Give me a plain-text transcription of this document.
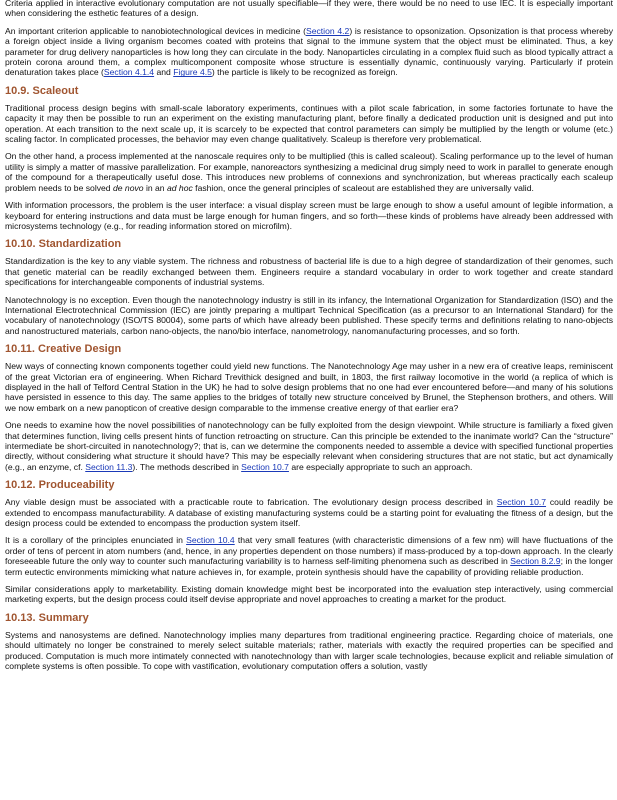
Criteria applied in interactive evolutionary computation are not usually specifiable—if they were, there would be no need to use IEC. It is especially important when considering the esthetic features of a design.

An important criterion applicable to nanobiotechnological devices in medicine (Section 4.2) is resistance to opsonization. Opsonization is that process whereby a foreign object inside a living organism becomes coated with proteins that signal to the immune system that the object must be eliminated. Thus, a key parameter for drug delivery nanoparticles is how long they can circulate in the body. Nanoparticles circulating in a complex fluid such as blood typically attract a protein corona around them, a complex multicomponent composite whose structure is essentially dynamic, continuously varying. Particularly if protein denaturation takes place (Section 4.1.4 and Figure 4.5) the particle is likely to be recognized as foreign.

10.9. Scaleout

Traditional process design begins with small-scale laboratory experiments, continues with a pilot scale fabrication, in some factories fortunate to have the capacity it may then be possible to run an experiment on the existing manufacturing plant, before finally a dedicated production unit is designed and put into operation. At each transition to the next scale up, it is scarcely to be expected that control parameters can simply be multiplied by the length or volume (etc.) scaling factor. In complicated processes, the behavior may even change qualitatively. Scaleup is therefore very problematical.

On the other hand, a process implemented at the nanoscale requires only to be multiplied (this is called scaleout). Scaling performance up to the level of human utility is simply a matter of massive parallelization. For example, nanoreactors synthesizing a medicinal drug simply need to work in parallel to generate enough of the compound for a therapeutically useful dose. This introduces new problems of connexions and synchronization, but whereas practically each scaleup problem needs to be solved de novo in an ad hoc fashion, once the general principles of scaleout are established they are universally valid.

With information processors, the problem is the user interface: a visual display screen must be large enough to show a useful amount of legible information, a keyboard for entering instructions and data must be large enough for human fingers, and so forth—these kinds of problems have already been addressed with microsystems technology (e.g., for reading information stored on microfilm).

10.10. Standardization

Standardization is the key to any viable system. The richness and robustness of bacterial life is due to a high degree of standardization of their genomes, such that genetic material can be readily exchanged between them. Engineers require a standard vocabulary in order to work together and create standard specifications for interchangeable components of industrial systems.

Nanotechnology is no exception. Even though the nanotechnology industry is still in its infancy, the International Organization for Standardization (ISO) and the International Electrotechnical Commission (IEC) are jointly preparing a multipart Technical Specification (as a precursor to an International Standard) for the vocabulary of nanotechnology (ISO/TS 80004), some parts of which have already been published. These specify terms and definitions relating to nano-objects and nanostructured materials, carbon nano-objects, the nano/bio interface, nanometrology, nanomanufacturing processes, and so forth.

10.11. Creative Design

New ways of connecting known components together could yield new functions. The Nanotechnology Age may usher in a new era of creative leaps, reminiscent of the great Victorian era of engineering. When Richard Trevithick designed and built, in 1803, the first railway locomotive in the world (a replica of which is displayed in the hall of Telford Central Station in the UK) he had to solve design problems that no one had ever encountered before—and many of his solutions have persisted in essence to this day. The same applies to the bridges of totally new structure conceived by Brunel, the Stephenson brothers, and others. Will we now embark on a new panopticon of creative design comparable to the immense creative energy of that earlier era?

One needs to examine how the novel possibilities of nanotechnology can be fully exploited from the design viewpoint. While structure is familiarly a fixed given that determines function, living cells present hints of function retroacting on structure. Can this principle be extended to the inanimate world? Can the “structure” intermediate be short-circuited in nanotechnology?; that is, can we determine the components needed to assemble a device with specified functional properties directly, without considering what structure it should have? This may be especially relevant when considering structures that are not static, but act dynamically (e.g., an enzyme, cf. Section 11.3). The methods described in Section 10.7 are especially appropriate to such an approach.

10.12. Produceability

Any viable design must be associated with a practicable route to fabrication. The evolutionary design process described in Section 10.7 could readily be extended to encompass manufacturability. A database of existing manufacturing systems could be a starting point for evaluating the fitness of a design, but the design process could be extended to encompass the production system itself.

It is a corollary of the principles enunciated in Section 10.4 that very small features (with characteristic dimensions of a few nm) will have fluctuations of the order of tens of percent in atom numbers (and, hence, in any properties dependent on those numbers) if mass-produced by a top-down approach. In the clearly foreseeable future the only way to counter such manufacturing variability is to harness self-limiting phenomena such as described in Section 8.2.9; in the longer term eutectic environments mimicking what nature achieves in, for example, protein synthesis should have the capability of providing reliable production.

Similar considerations apply to marketability. Existing domain knowledge might best be incorporated into the evaluation step interactively, using commercial marketing experts, but the design process could itself devise appropriate and novel approaches to creating a market for the product.

10.13. Summary

Systems and nanosystems are defined. Nanotechnology implies many departures from traditional engineering practice. Regarding choice of materials, one should ultimately no longer be constrained to merely select suitable materials; rather, materials with exactly the required properties can be specified and produced. Computation is much more intimately connected with nanotechnology than with larger scale technologies, because explicit and reliable simulation of complete systems is often possible. To cope with vastification, evolutionary computation offers a solution, vastly
